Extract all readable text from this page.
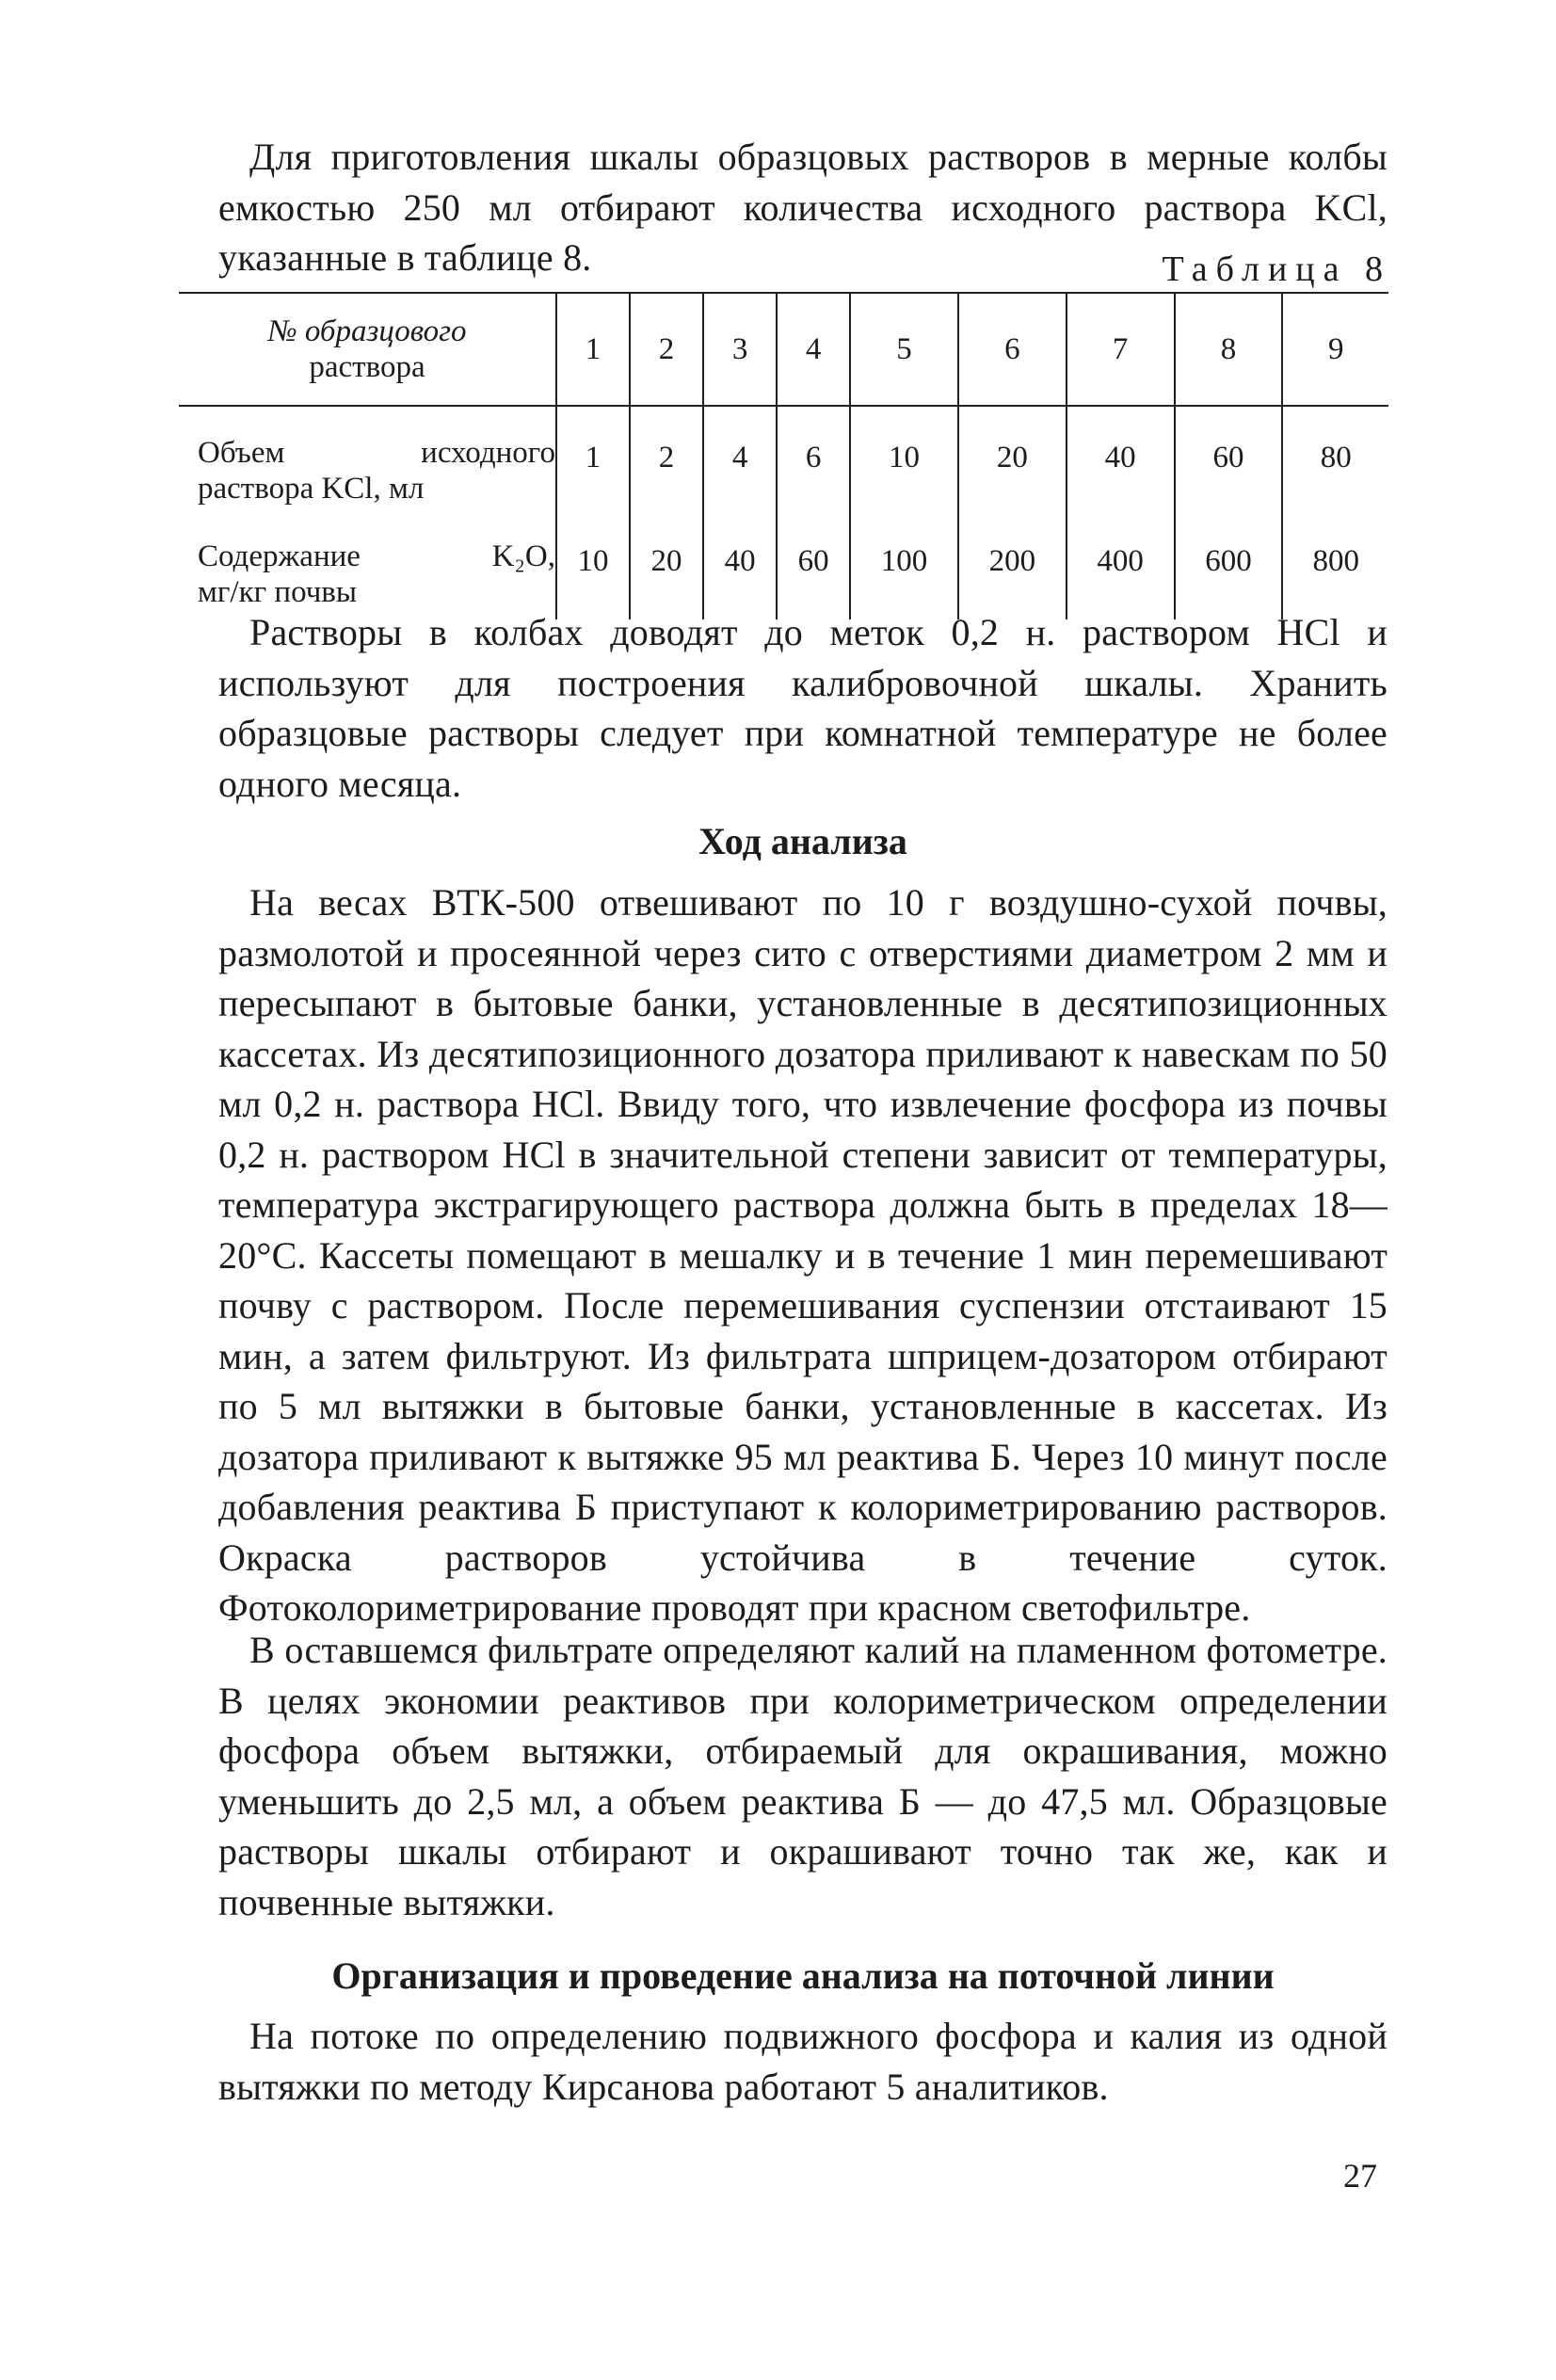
Для приготовления шкалы образцовых растворов в мерные колбы емкостью 250 мл отбирают количества исходного раствора KCl, указанные в таблице 8.	Таблица 8
№ образцового
раствора	1	2	3	4	5	6	7	8	9

Объем исходного
раствора KCl, мл	1	2	4	6	10	20	40	60	80

Содержание K₂O,
мг/кг почвы	10	20	40	60	100	200	400	600	800

Растворы в колбах доводят до меток 0,2 н. раствором HCl и используют для построения калибровочной шкалы. Хранить образцовые растворы следует при комнатной температуре не более одного месяца.

Ход анализа

На весах ВТК-500 отвешивают по 10 г воздушно-сухой почвы, размолотой и просеянной через сито с отверстиями диаметром 2 мм и пересыпают в бытовые банки, установленные в десятипозиционных кассетах. Из десятипозиционного дозатора приливают к навескам по 50 мл 0,2 н. раствора HCl. Ввиду того, что извлечение фосфора из почвы 0,2 н. раствором HCl в значительной степени зависит от температуры, температура экстрагирующего раствора должна быть в пределах 18—20°С. Кассеты помещают в мешалку и в течение 1 мин перемешивают почву с раствором. После перемешивания суспензии отстаивают 15 мин, а затем фильтруют. Из фильтрата шприцем-дозатором отбирают по 5 мл вытяжки в бытовые банки, установленные в кассетах. Из дозатора приливают к вытяжке 95 мл реактива Б. Через 10 минут после добавления реактива Б приступают к колориметрированию растворов. Окраска растворов устойчива в течение суток. Фотоколориметрирование проводят при красном светофильтре.

В оставшемся фильтрате определяют калий на пламенном фотометре. В целях экономии реактивов при колориметрическом определении фосфора объем вытяжки, отбираемый для окрашивания, можно уменьшить до 2,5 мл, а объем реактива Б — до 47,5 мл. Образцовые растворы шкалы отбирают и окрашивают точно так же, как и почвенные вытяжки.

Организация и проведение анализа на поточной линии

На потоке по определению подвижного фосфора и калия из одной вытяжки по методу Кирсанова работают 5 аналитиков.

27
